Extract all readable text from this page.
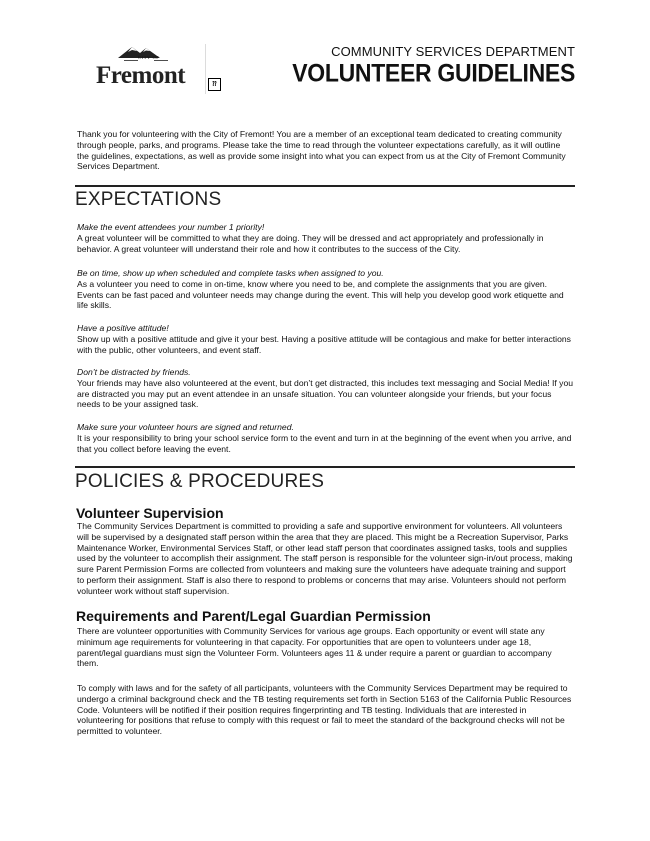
CITY OF
Fremont	⁇
COMMUNITY SERVICES DEPARTMENT
VOLUNTEER GUIDELINES

Thank you for volunteering with the City of Fremont! You are a member of an exceptional team dedicated to creating community through people, parks, and programs. Please take the time to read through the volunteer expectations carefully, as it will outline the guidelines, expectations, as well as provide some insight into what you can expect from us at the City of Fremont Community Services Department.

EXPECTATIONS

Make the event attendees your number 1 priority!

A great volunteer will be committed to what they are doing. They will be dressed and act appropriately and professionally in behavior. A great volunteer will understand their role and how it contributes to the success of the City.

Be on time, show up when scheduled and complete tasks when assigned to you.

As a volunteer you need to come in on-time, know where you need to be, and complete the assignments that you are given. Events can be fast paced and volunteer needs may change during the event. This will help you develop good work etiquette and life skills.

Have a positive attitude!

Show up with a positive attitude and give it your best. Having a positive attitude will be contagious and make for better interactions with the public, other volunteers, and event staff.

Don’t be distracted by friends.

Your friends may have also volunteered at the event, but don’t get distracted, this includes text messaging and Social Media! If you are distracted you may put an event attendee in an unsafe situation. You can volunteer alongside your friends, but your focus needs to be your assigned task.

Make sure your volunteer hours are signed and returned.

It is your responsibility to bring your school service form to the event and turn in at the beginning of the event when you arrive, and that you collect before leaving the event.

POLICIES & PROCEDURES
Volunteer Supervision

The Community Services Department is committed to providing a safe and supportive environment for volunteers. All volunteers will be supervised by a designated staff person within the area that they are placed. This might be a Recreation Supervisor, Parks Maintenance Worker, Environmental Services Staff, or other lead staff person that coordinates assigned tasks, tools and supplies used by the volunteer to accomplish their assignment. The staff person is responsible for the volunteer sign-in/out process, making sure Parent Permission Forms are collected from volunteers and making sure the volunteers have adequate training and support to perform their assignment. Staff is also there to respond to problems or concerns that may arise. Volunteers should not perform volunteer work without staff supervision.

Requirements and Parent/Legal Guardian Permission

There are volunteer opportunities with Community Services for various age groups. Each opportunity or event will state any minimum age requirements for volunteering in that capacity. For opportunities that are open to volunteers under age 18, parent/legal guardians must sign the Volunteer Form. Volunteers ages 11 & under require a parent or guardian to accompany them.

To comply with laws and for the safety of all participants, volunteers with the Community Services Department may be required to undergo a criminal background check and the TB testing requirements set forth in Section 5163 of the California Public Resources Code. Volunteers will be notified if their position requires fingerprinting and TB testing. Individuals that are interested in volunteering for positions that refuse to comply with this request or fail to meet the standard of the background checks will not be permitted to volunteer.
